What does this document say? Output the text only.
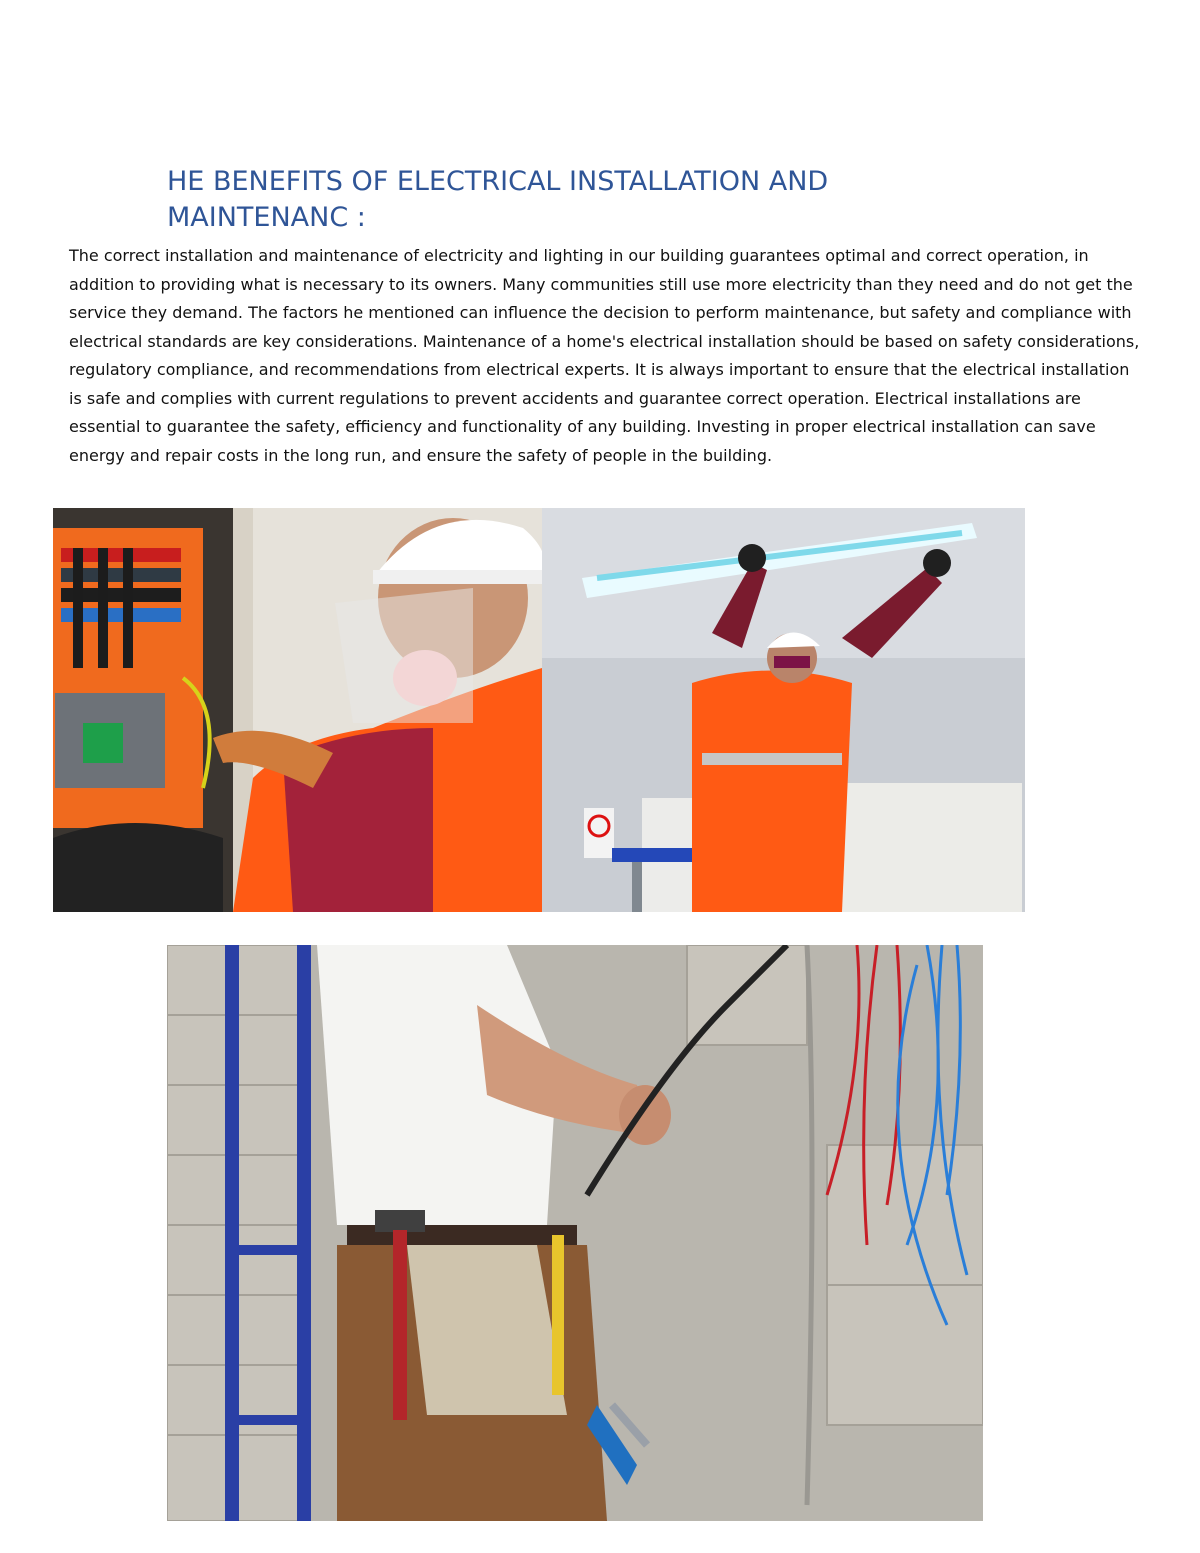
HE BENEFITS OF ELECTRICAL INSTALLATION AND
MAINTENANC :

The correct installation and maintenance of electricity and lighting in our building guarantees optimal and correct operation, in addition to providing what is necessary to its owners. Many communities still use more electricity than they need and do not get the service they demand. The factors he mentioned can influence the decision to perform maintenance, but safety and compliance with electrical standards are key considerations. Maintenance of a home's electrical installation should be based on safety considerations, regulatory compliance, and recommendations from electrical experts. It is always important to ensure that the electrical installation is safe and complies with current regulations to prevent accidents and guarantee correct operation. Electrical installations are essential to guarantee the safety, efficiency and functionality of any building. Investing in proper electrical installation can save energy and repair costs in the long run, and ensure the safety of people in the building.
